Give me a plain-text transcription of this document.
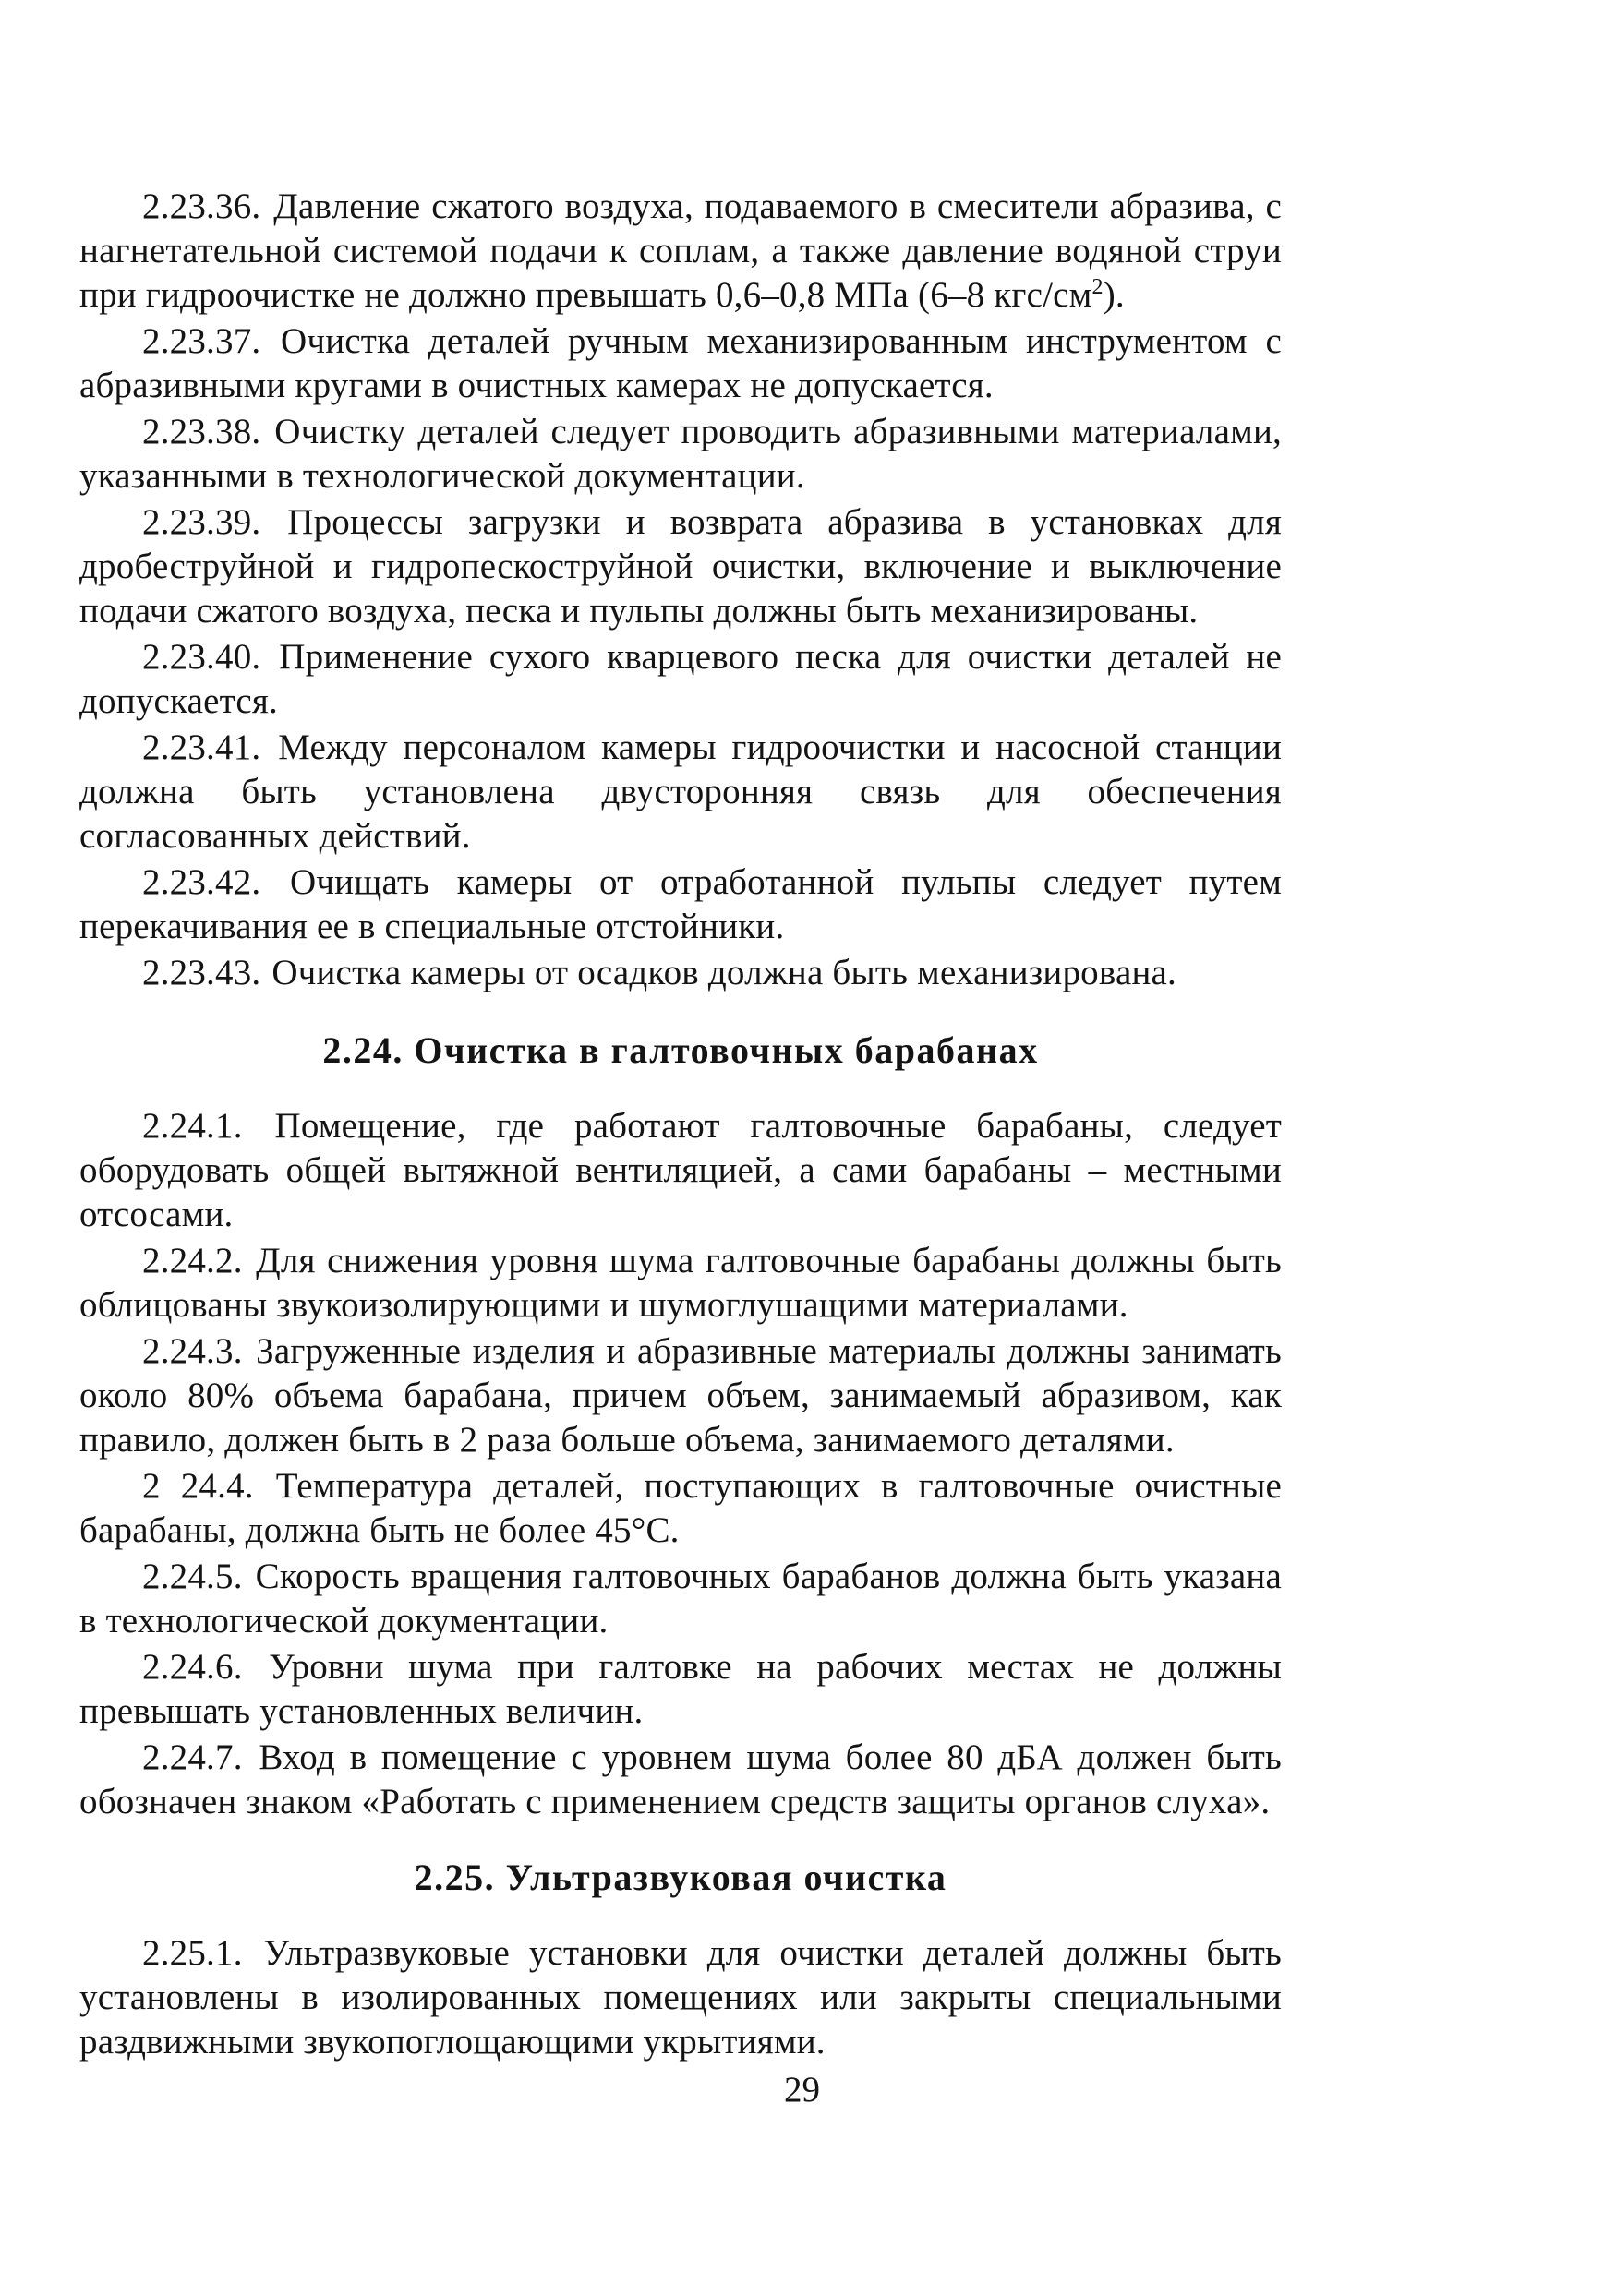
2.23.36. Давление сжатого воздуха, подаваемого в смесители абразива, с нагнетательной системой подачи к соплам, а также давление водяной струи при гидроочистке не должно превышать 0,6–0,8 МПа (6–8 кгс/$см^2$).

2.23.37. Очистка деталей ручным механизированным инструментом с абразивными кругами в очистных камерах не допускается.

2.23.38. Очистку деталей следует проводить абразивными материалами, указанными в технологической документации.

2.23.39. Процессы загрузки и возврата абразива в установках для дробеструйной и гидропескоструйной очистки, включение и выключение подачи сжатого воздуха, песка и пульпы должны быть механизированы.

2.23.40. Применение сухого кварцевого песка для очистки деталей не допускается.

2.23.41. Между персоналом камеры гидроочистки и насосной станции должна быть установлена двусторонняя связь для обеспечения согласованных действий.

2.23.42. Очищать камеры от отработанной пульпы следует путем перекачивания ее в специальные отстойники.

2.23.43. Очистка камеры от осадков должна быть механизирована.

2.24. Очистка в галтовочных барабанах

2.24.1. Помещение, где работают галтовочные барабаны, следует оборудовать общей вытяжной вентиляцией, а сами барабаны – местными отсосами.

2.24.2. Для снижения уровня шума галтовочные барабаны должны быть облицованы звукоизолирующими и шумоглушащими материалами.

2.24.3. Загруженные изделия и абразивные материалы должны занимать около 80% объема барабана, причем объем, занимаемый абразивом, как правило, должен быть в 2 раза больше объема, занимаемого деталями.

2 24.4. Температура деталей, поступающих в галтовочные очистные барабаны, должна быть не более 45°С.

2.24.5. Скорость вращения галтовочных барабанов должна быть указана в технологической документации.

2.24.6. Уровни шума при галтовке на рабочих местах не должны превышать установленных величин.

2.24.7. Вход в помещение с уровнем шума более 80 дБА должен быть обозначен знаком «Работать с применением средств защиты органов слуха».

2.25. Ультразвуковая очистка

2.25.1. Ультразвуковые установки для очистки деталей должны быть установлены в изолированных помещениях или закрыты специальными раздвижными звукопоглощающими укрытиями.

29
